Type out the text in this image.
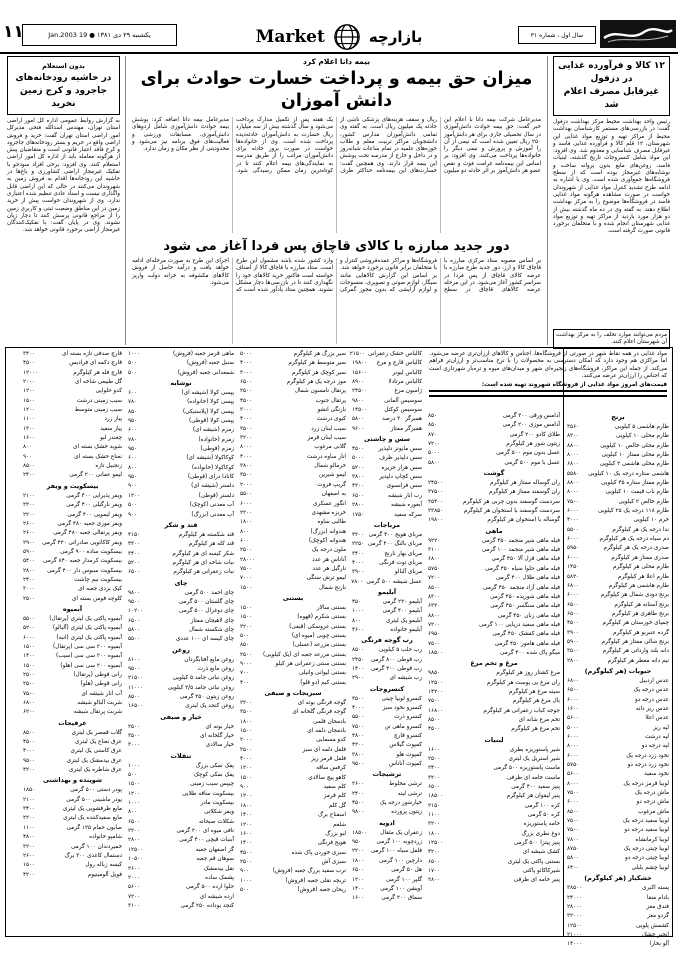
۱۱	یکشنبه ۲۹ دی ۱۳۸۱ ● 19 Jan.2003	Market	بازارچه	سال اول ، شماره ۳۱
۱۲ کالا و فرآورده غذایی
در دزفول
غیرقابل مصرف اعلام شد
رئیس واحد بهداشت محیط مرکز بهداشت دزفول گفت: در بازرسی‌های مستمر کارشناسان بهداشت محیط از مراکز تهیه و توزیع مواد غذایی این شهرستان، ۱۲ قلم کالا و فرآورده غذایی فاسد و غیرقابل مصرف شناسایی و معدوم شد. وی افزود: این مواد شامل کنسروجات تاریخ گذشته، لبنیات فاسد، روغن‌های مایع بدون پروانه ساخت و نوشابه‌های غیرمجاز بوده است که از سطح فروشگاه‌ها جمع‌آوری شده است. وی با اشاره به ادامه طرح تشدید کنترل مواد غذایی از شهروندان خواست در صورت مشاهده هرگونه مواد غذایی فاسد در فروشگاه‌ها موضوع را به مرکز بهداشت اطلاع دهند. به گفته وی در ده ماه گذشته بیش از دو هزار مورد بازدید از مراکز تهیه و توزیع مواد غذایی شهرستان انجام شده و با متخلفان برخورد قانونی صورت گرفته است.
مردم می‌توانند موارد تخلف را به مرکز بهداشت آن شهرستان اعلام کنند.
بیمه دانا اعلام کرد
میزان حق بیمه و پرداخت خسارت حوادث برای دانش آموزان
مدیرعامل شرکت بیمه دانا با اعلام این خبر گفت: حق بیمه حوادث دانش‌آموزی در سال تحصیلی جاری برای هر دانش‌آموز ۲۵۰ ریال تعیین شده است که نیمی از آن را آموزش و پرورش و نیمی دیگر را خانواده‌ها پرداخت می‌کنند. وی افزود: بر اساس این بیمه‌نامه غرامت فوت و نقص عضو هر دانش‌آموز بر اثر حادثه دو میلیون ریال و سقف هزینه‌های پزشکی ناشی از حادثه یک میلیون ریال است. به گفته وی تمامی دانش‌آموزان مدارس کشور، دانشجویان مراکز تربیت معلم و طلاب حوزه‌های علمیه در تمام ساعات شبانه‌روز و در داخل و خارج از مدرسه تحت پوشش این بیمه قرار دارند. وی همچنین گفت: خسارت‌های این بیمه‌نامه حداکثر ظرف یک هفته پس از تکمیل مدارک پرداخت می‌شود و سال گذشته بیش از سه میلیارد ریال خسارت به دانش‌آموزان حادثه‌دیده پرداخت شده است. وی از خانواده‌ها خواست در صورت بروز حادثه برای دانش‌آموزان مراتب را از طریق مدرسه به نمایندگی‌های بیمه اعلام کنند تا در کوتاه‌ترین زمان ممکن رسیدگی شود. مدیرعامل بیمه دانا اضافه کرد: پوشش بیمه حوادث دانش‌آموزی شامل اردوهای دانش‌آموزی، مسابقات ورزشی و فعالیت‌های فوق برنامه نیز می‌شود و محدودیتی از نظر مکان و زمان ندارد.
دور جدید مبارزه با کالای قاچاق پس فردا آغاز می شود
بر اساس مصوبه ستاد مرکزی مبارزه با قاچاق کالا و ارز، دور جدید طرح مبارزه با عرضه کالای قاچاق از پس فردا در سراسر کشور آغاز می‌شود. در این مرحله عرضه کالاهای قاچاق در سطح فروشگاه‌ها و مراکز عمده‌فروشی کنترل و با متخلفان برابر قانون برخورد خواهد شد. بر اساس این گزارش کالاهایی مانند سیگار، لوازم صوتی و تصویری، منسوجات و لوازم آرایشی که بدون مجوز گمرکی وارد کشور شده باشد مشمول این طرح است. ستاد مبارزه با قاچاق کالا از اصناف خواسته است فاکتور خرید کالاهای خود را نگهداری کنند تا در بازرسی‌ها دچار مشکل نشوند. همچنین ستاد یادآور شده است که اجرای این طرح به صورت مرحله‌ای ادامه خواهد یافت و درآمد حاصل از فروش کالاهای مکشوفه به خزانه دولت واریز می‌شود.
بدون استعلام
در حاشیه رودخانه‌های جاجرود و کرج زمین نخرید
به گزارش روابط عمومی اداره کل امور اراضی استان تهران، مهندس اسدالله فتحی مدیرکل امور اراضی استان تهران گفت: خرید و فروش اراضی واقع در حریم و بستر رودخانه‌های جاجرود و کرج فاقد اعتبار قانونی است و متقاضیان پیش از هرگونه معامله باید از اداره کل امور اراضی استعلام کنند. وی افزود: برخی افراد سودجو با تفکیک غیرمجاز اراضی کشاورزی و باغ‌ها در حاشیه این رودخانه‌ها اقدام به فروش زمین به شهروندان می‌کنند در حالی که این اراضی قابل واگذاری نیست و اسناد عادی تنظیم شده اعتباری ندارد. وی از شهروندان خواست پیش از خرید زمین در این مناطق وضعیت ثبتی و کاربری زمین را از مراجع قانونی پرسش کنند تا دچار زیان نشوند. وی در پایان گفت: با تفکیک‌کنندگان غیرمجاز اراضی برخورد قانونی خواهد شد.
برنج
طارم هاشمی ۵ کیلویی
۳۵۶۰
طارم محلی ۱۰ کیلویی
۸۲۰۰
طارم محلی خالص ۱۰ کیلویی
۸۸۰۰
طارم محلی ممتاز ۱۰ کیلویی
۸۰۰۰
طارم محلی هاشمی ۲ کیلویی
۶۸۰۰
هاشمی ستاره درجه یک ۱۰ کیلویی
۵۵۸۰
طارم ممتاز ستاره ۴۵ کیلویی
۸۸۰۰
طارم باب قیمت ۱۰ کیلویی
۸۰۰۰
طارم خالص ۲ کیلویی
۷۵۰۰
طارم ۱۱۸ درجه یک ۲۵ کیلویی
۶۰۰۰
خرم ۱۰ کیلویی
۴۰۰۰
ندا درجه یک هر کیلوگرم
۵۵۰۰
دم سیاه درجه یک هر کیلوگرم
۶۰۰۰
صدری درجه یک هر کیلوگرم
۵۹۵۰
صدری ممتاز هر کیلوگرم
۶۰۰۰
طارم محلی هر کیلوگرم
۱۴۵۰
طارم اعلا هر کیلوگرم
۵۸۲۰
طارم هاشمی هر کیلوگرم
۶۸۰۰
برنج دودی شمال هر کیلوگرم
۶۰۰۰
برنج آستانه هر کیلوگرم
۶۵۰۰
برنج طاهری هر کیلوگرم
۶۵۰۰
چمپای خوزستان هر کیلوگرم
۴۵۰۰
گرده عنبربو هر کیلوگرم
۳۹۰۰
برنج شالی ممتاز هر کیلوگرم
۵۹۰۰
دانه بلند وارداتی هر کیلوگرم
۳۵۰۰
نیم دانه معطر هر کیلوگرم
۲۸۰۰
حبوبات (هر کیلوگرم)
عدس اردبیل
۶۸۰۰
عدس درجه یک
۶۵۰۰
عدس درجه دو
۶۰۰۰
عدس ریز دانه
۱۶۰۰
عدس اعلا
۵۶۰۰
لپه ریز
۵۰۰۰
لپه درشت
۶۰۰۰
لپه درجه دو
۸۰۰۰
نخود زرد درجه یک
۶۰۰۰
نخود زرد درجه دو
۵۷۵۰
نخود سفید
۵۶۰۰
لوبیا قرمز درجه یک
۸۰۰۰
ماش درجه یک
۷۵۰۰
ماش درجه دو
۶۰۰۰
ماش مرغوب
۸۵۰۰
لوبیا سفید درجه یک
۷۵۰۰
لوبیا سفید درجه دو
۷۵۰۰
لوبیا کرمانشاه
۷۸۰۰
لوبیا چیتی درجه یک
۸۷۵۰
لوبیا چیتی درجه دو
۵۸۰۰
لوبیا چشم بلبلی
۶۴۰۰
خشکبار (هر کیلوگرم)
پسته اکبری
۳۸۵۰۰
بادام منقا
۲۴۰۰۰
فندق مغز
۲۸۰۰۰
گردو مغز
۳۲۰۰۰
کشمش پلویی
۱۲۵۰۰
انجیر خشک
۲۱۰۰۰
آلو بخارا
۱۴۰۰۰
آدامس ورقی ۲۰۰ گرمی
۸۵۰
آدامس موزی ۲۰۰ گرمی
۸۵۰
طلای کادو ۲۰۰ گرمی
۸۷۰
زیتون شور هر کیلوگرم
۷۲۰۰
عسل بدون موم ۵۰۰ گرمی
۵۰۰۰
عسل با موم ۵۰۰ گرمی
۵۸۰۰
گوشت
ران گوساله ممتاز هر کیلوگرم
۲۴۵۰۰
ران گوسفند ممتاز هر کیلوگرم
۲۷۵۰۰
سردست گوسفند بدون چربی هر کیلوگرم
۲۵۴۰۰
سردست گوسفند با استخوان هر کیلوگرم
۲۳۸۵۰
گوساله با استخوان هر کیلوگرم
۱۹۸۰۰
ماهی
فیله ماهی شیر منجمد ۴۵۰ گرمی
۹۲۲۰
فیله ماهی شیر منجمد ۱۰۰ گرمی
۳۱۰۰
فیله ماهی قزل آلا ۴۵۰ گرمی
۶۸۰۰
فیله ماهی حلوا سیاه ۴۵۰ گرمی
۵۷۵۰
فیله ماهی طلال ۴۰۰ گرمی
۷۲۰۰
فیله ماهی آزاد منجمد ۴۵۰ گرمی
۸۵۰۰
فیله ماهی شوریده ۴۵۰ گرمی
۸۳۰۰
فیله ماهی سنگسر ۴۵۰ گرمی
۶۳۲۰
فیله ماهی زبان ۴۵۰ گرمی
۸۸۰۰
فیله ماهی سفید دریایی ۱۰۰ گرمی
۷۲۰۰
فیله ماهی کفشک ۴۵۰ گرمی
۶۹۵۰
فیله ماهی هامور ۴۵۰ گرمی
۷۵۰۰
میگو پاک شده ۴۰۰ گرمی
۱۸۵۰۰
مرغ و تخم مرغ
مرغ کشتار روز هر کیلوگرم
۹۸۵۰
ران مرغ بی پوست هر کیلوگرم
۱۲۵۰۰
سینه مرغ هر کیلوگرم
۱۴۲۰۰
بال مرغ هر کیلوگرم
۷۵۰۰
جوجه کباب زعفرانی هر کیلوگرم
۱۶۸۰۰
تخم مرغ شانه ای
۸۵۰۰
تخم مرغ هر کیلوگرم
۴۵۰۰
لبنیات
شیر پاستوریزه بطری
۱۶۰۰
شیر استریل یک لیتری
۲۵۰۰
ماست پاستوریزه ۵۰۰ گرمی
۲۴۰۰
ماست خامه ای ظرفی
۳۲۰۰
پنیر سفید ۴۰۰ گرمی
۶۵۰۰
پنیر لیقوان هر کیلوگرم
۱۸۵۰۰
کره ۱۰۰ گرمی
۲۱۵۰
کره ۵۰ گرمی
۱۱۰۰
خامه پاستوریزه
۳۲۰۰
دوغ بطری بزرگ
۱۸۰۰
پنیر پیتزا ۵۰۰ گرمی
۱۲۵۰۰
کشک شیشه ای
۴۲۰۰
بستنی پاکتی یک لیتری
۶۵۰۰
شیرکاکائو پاکتی
۱۷۰۰
پنیر خامه ای ظرفی
۲۸۰۰
کالباس خشک زعفرانی
۲۱۵۰۰
کالباس قارچ و مرغ
۱۹۸۰۰
کالباس لیونر
۱۵۶۰۰
کالباس مرتادلا
۸۹۰۰
ژامبون مرغ
۲۴۵۰۰
سوسیس آلمانی
۹۸۰۰
سوسیس کوکتل
۱۴۵۰۰
همبرگر ۳۰ درصد
۵۸۰۰
همبرگر ممتاز
۹۶۰۰
سس و چاشنی
سس مایونز دلپذیر
۴۵۰۰
سس دلپذیر ظرف
۵۰۰۰
سس هزار جزیره
۵۲۰۰
سس کچاپ دلپذیر
۳۸۰۰
سس فرانسوی
۴۲۰۰
رب انار شیشه
۶۵۰۰
آبغوره شیشه
۲۸۰۰
سرکه سفید
۱۷۵۰
مرباجات
مربای هویج ۴۰۰ گرمی
۴۲۰۰
مربای بالنگ ۴۰۰ گرمی
۲۲۵۰
مربای بهار نارنج
۳۴۰۰
مربای توت فرنگی
۴۰۰۰
مربای آلبالو
۳۹۰۰
عسل شیشه ۵۰۰ گرمی
۷۸۰۰
آبلیمو
آبلیمو ۲۲۰ گرمی
۴۵۰
آبلیمو ۴۰۰ گرمی
۱۰۰۰
آبلیمو یک لیتری
۸۰۰
آبلیمو خانواده
۴۶۰۰
رب گوجه فرنگی
رب حلب ۵ کیلویی
۸۵۰۰
رب قوطی ۸۰۰ گرمی
۲۴۵۰
رب قوطی ۴۰۰ گرمی
۱۴۰۰
رب شیشه ای
۲۹۰۰
کنسروجات
کنسرو لوبیا چیتی
۳۵۰۰
کنسرو نخود سبز
۴۰۰۰
کنسرو ذرت
۵۵۰۰
کنسرو ماهی تن
۷۵۰۰
کنسرو قارچ
۴۸۰۰
کمپوت گیلاس
۴۲۰۰
کمپوت هلو
۳۸۰۰
کمپوت آناناس
۹۵۰۰
ترشیجات
ترشی مخلوط
۲۶۰۰
ترشی لیته
۲۴۰۰
خیارشور درجه یک
۴۵۰۰
زیتون پرورده
۹۸۰۰
ادویه
زعفران یک مثقال
۱۸۵۰۰
زردچوبه ۱۰۰ گرمی
۹۵۰
فلفل سیاه ۱۰۰ گرمی
۲۲۰۰
دارچین ۱۰۰ گرمی
۱۸۰۰
هل ۵۰ گرمی
۶۵۰۰
گلپر ۱۰۰ گرمی
۱۲۰۰
آویشن ۱۰۰ گرمی
۱۴۰۰
سماق ۲۰۰ گرمی
۱۶۰۰
سیر بزرگ هر کیلوگرم
۵۰۰۰
سیر متوسط هر کیلوگرم
۴۰۰۰
سیر کوچک هر کیلوگرم
۳۰۰۰
موز درجه یک هر کیلوگرم
۶۵۰۰
پرتقال تامسون شمال
۲۵۰۰
پرتقال جنوب
۴۵۰۰
نارنگی انشو
۳۰۰۰
کیوی درشت
۴۰۰۰
سیب لبنان زرد
۳۵۰۰
سیب لبنان قرمز
۳۲۰۰
گلابی مرغوب
۸۰۰۰
انار ساوه درشت
۴۰۰۰
خرمالو شمال
۳۸۰۰
لیمو شیرین
۳۵۰۰
گریپ فروت
۲۰۰۰
به اصفهان
۵۵۰۰
انگور عسکری
۶۰۰۰
خربزه مشهدی
۲۲۰۰
طالبی ساوه
۱۸۰۰
هندوانه (بزرگ)
۸۰۰
هندوانه (کوچک)
۶۰۰
ملون درجه یک
۲۵۰۰
آناناس هر عدد
۲۸۰۰۰
نارگیل هر عدد
۷۵۰۰
لیمو ترش سنگی
۷۰۰۰
نارنج شمال
۱۵۰۰
بستنی
بستنی سالار
۱۵۰۰
بستنی شکرم (قهوه)
۱۵۰۰
بستنی عروسکی (قیفی)
۳۲۰۰
بستنی چوبی (میوه ای)
۵۰۰
بستنی مزرعه (عسلی)
۸۵۰
بستنی مزرعه جعبه ای (یک کیلویی)
۲۵۰۰
بستنی سنتی زعفرانی هر کیلو
۹۰۰۰
بستنی لیوانی وانیلی
۷۰۰
بستنی کیم (دو قلو)
۴۰۰
سبزیجات و صیفی
گوجه فرنگی بوته ای
۲۲۰۰
گوجه فرنگی گلخانه ای
۳۵۰۰
بادمجان قلمی
۱۸۰۰
بادمجان دلمه ای
۱۵۰۰
کدو مسمایی
۲۰۰۰
فلفل دلمه ای سبز
۳۵۰۰
فلفل قرمز ریز
۴۰۰۰
کرفس ساقه
۱۲۰۰
کاهو پیچ سالادی
۱۵۰۰
کلم سفید
۹۰۰
کلم قرمز
۱۲۰۰
گل کلم
۱۸۰۰
اسفناج برگ
۱۴۰۰
شلغم
۱۲۰۰
لبو بزرگ
۱۶۰۰
هویج فرنگی
۱۴۰۰
سبزی خوردن پاک شده
۴۵۰۰
سبزی آش
۲۵۰۰
ترب سفید بزرگ جعبه (فروش)
۹۰۰
تربچه نقلی جعبه (فروش)
۱۰۰۰
ریحان جعبه (فروش)
۵۰۰
ماهی قرمز جعبه (فروش)
۱۰۰۰
سنبل جعبه (فروش)
۵۰۰
شمعدانی جعبه (فروش)
۵۰۰
نوشابه
پپسی کولا (شیشه ای)
۶۰۰
پپسی کولا (خانواده)
۷۸۰
پپسی کولا (پلاستیکی)
۸۵۰
پپسی کولا (قوطی)
۹۵۰
زمزم (شیشه ای)
۶۰۰
زمزم (خانواده)
۷۸۰
زمزم (قوطی)
۹۵۰
کوکاکولا (شیشه ای)
۶۰۰
کوکاکولا (خانواده)
۸۰۰
کانادا درای (قوطی)
۹۵۰
دلستر (شیشه ای)
۹۰۰
دلستر (قوطی)
۱۲۰۰
آب معدنی (کوچک)
۵۰۰
آب معدنی (بزرگ)
۹۰۰
قند و شکر
قند شکسته هر کیلوگرم
۴۱۵۰
قند کله هر کیلوگرم
۴۳۰۰
شکر کیسه ای هر کیلوگرم
۳۴۰۰
نبات شاخه ای هر کیلوگرم
۵۲۰۰
نبات زعفرانی هر کیلوگرم
۶۵۰۰
چای
چای احمد ۵۰۰ گرمی
۹۸۰۰
چای گلستان ۵۰۰ گرمی
۹۵۰۰
چای دوغزال ۵۰۰ گرمی
۱۰۲۰۰
چای لاهیجان ممتاز
۶۵۰۰
چای شکسته شمال
۵۸۰۰
چای کیسه ای ۱۰۰ عددی
۵۵۰۰
روغن
روغن مایع آفتابگردان
۸۱۰۰
روغن مایع ذرت
۹۵۰۰
روغن نباتی جامد ۵ کیلویی
۲۱۵۰۰
روغن نباتی جامد ۲/۵ کیلویی
۱۱۰۰۰
روغن زیتون ۲۵۰ گرمی
۸۵۰۰
روغن کنجد یک لیتری
۱۶۵۰۰
خیار و صیفی
خیار بوته ای
۲۵۰۰
خیار گلخانه ای
۳۵۰۰
خیار سالادی
۳۰۰۰
تنقلات
پفک نمکی بزرگ
۱۰۰۰
پفک نمکی کوچک
۵۰۰
چیپس سیب زمینی
۱۵۰۰
بیسکویت ساقه طلایی
۱۲۰۰
بیسکویت مادر
۱۰۰۰
ویفر شکلاتی
۸۰۰
شکلات صبحانه
۶۵۰۰
تافی میوه ای ۲۰۰ گرمی
۲۲۰۰
آبنبات قیچی ۴۰۰ گرمی
۲۸۰۰
گز اصفهان جعبه
۱۲۵۰۰
سوهان قم جعبه
۱۰۵۰۰
نقل بیدمشک
۳۶۰۰
پشمک ساده
۲۰۰۰
حلوا ارده ۵۰۰ گرمی
۵۶۰۰
ارده شیشه ای
۷۲۰۰
کنجد بوداده ۲۵۰ گرمی
۳۱۰۰
قارچ صدفی تازه بسته ای
۳۴۰۰
قارچ دکمه ای فرادیس
۴۵۰۰
قارچ فله هر کیلوگرم
۱۲۰۰۰
گل طبیعی شاخه ای
۲۰۰۰
کدو حلوایی
۱۲۰۰
سیب زمینی درشت
۱۵۰۰
سیب زمینی متوسط
۱۲۰۰
پیاز زرد
۱۱۰۰
پیاز سفید
۱۳۰۰
چغندر لبو
۱۶۰۰
شوید خشک بسته ای
۸۰۰
نعناع خشک بسته ای
۹۰۰
زنجبیل تازه
۸۵۰۰
لیمو عمانی ۲۰۰ گرمی
۲۴۰۰
بیسکویت و ویفر
ویفر پذیرایی ۴۰۰ گرمی
۲۱۰۰
ویفر نارگیلی ۴۰۰ گرمی
۲۳۰۰
ویفر لیمویی ۴۰۰ گرمی
۲۲۰۰
ویفر موزی جعبه ۴۸۰ گرمی
۲۶۰۰
ویفر پرتقالی جعبه ۴۸۰ گرمی
۲۶۰۰
ویفر کاکائویی صادراتی ۴۲۰ گرمی
۲۹۰۰
بیسکویت ساده ۹۰۰ گرمی
۵۹۰۰
بیسکویت کرمدار جعبه ۸۴۰ گرمی
۵۴۰۰
بیسکویت سبوس دار ۴۰۰ گرمی
۲۸۰۰
بیسکویت نیم چاشت
۲۴۰۰
کیک یزدی جعبه ای
۳۰۰۰
کلوچه فومن بسته ای
۲۵۰۰
آبمیوه
آبمیوه پاکتی یک لیتری (پرتقال)
۵۵۰۰
آبمیوه پاکتی یک لیتری (آلبالو)
۵۲۰۰
آبمیوه پاکتی یک لیتری (انبه)
۶۰۰۰
آبمیوه ۲۰۰ سی سی (پرتقال)
۱۵۰۰
آبمیوه ۲۰۰ سی سی (سیب)
۱۴۰۰
آبمیوه ۲۰۰ سی سی (هلو)
۱۵۰۰
رانی قوطی (پرتقال)
۲۵۰۰
رانی قوطی (هلو)
۲۵۰۰
آب انار شیشه ای
۷۵۰۰
شربت آلبالو شیشه
۶۸۰۰
شربت پرتقال شیشه
۶۲۰۰
عرقیجات
گلاب قمصر یک لیتری
۸۵۰۰
عرق نعناع یک لیتری
۴۵۰۰
عرق کاسنی یک لیتری
۴۰۰۰
عرق بیدمشک یک لیتری
۹۵۰۰
عرق شاطره یک لیتری
۴۲۰۰
شوینده و بهداشتی
پودر دستی ۵۰۰ گرمی
۱۸۵۰
پودر ماشینی ۵۰۰ گرمی
۲۱۰۰
مایع ظرفشویی یک لیتری
۳۴۰۰
مایع سفیدکننده یک لیتری
۲۲۰۰
صابون حمام ۱۲۵ گرمی
۱۱۰۰
شامپو خانواده
۴۸۰۰
خمیردندان ۱۰۰ گرمی
۳۲۰۰
دستمال کاغذی ۳۰۰ برگ
۲۶۰۰
کیسه زباله رول
۱۵۰۰
فویل آلومینیوم
۴۲۰۰
مواد غذایی در همه نقاط شهر در صورتی از فروشگاه‌ها، اجناس و کالاهای ارزان‌تری عرضه می‌شود. اما مراکزی هم وجود دارد که امکان دسترسی به محصولات را با نرخ مناسب‌تر و ارزان‌تر فراهم می‌کند. از جمله این مراکز، فروشگاه‌های زنجیره‌ای شهر و میدان‌های میوه و تره‌بار شهرداری است که اجناس را ارزان‌تر عرضه می‌کنند.
قیمت‌های امروز مواد غذایی از فروشگاه شهروند تهیه شده است:
